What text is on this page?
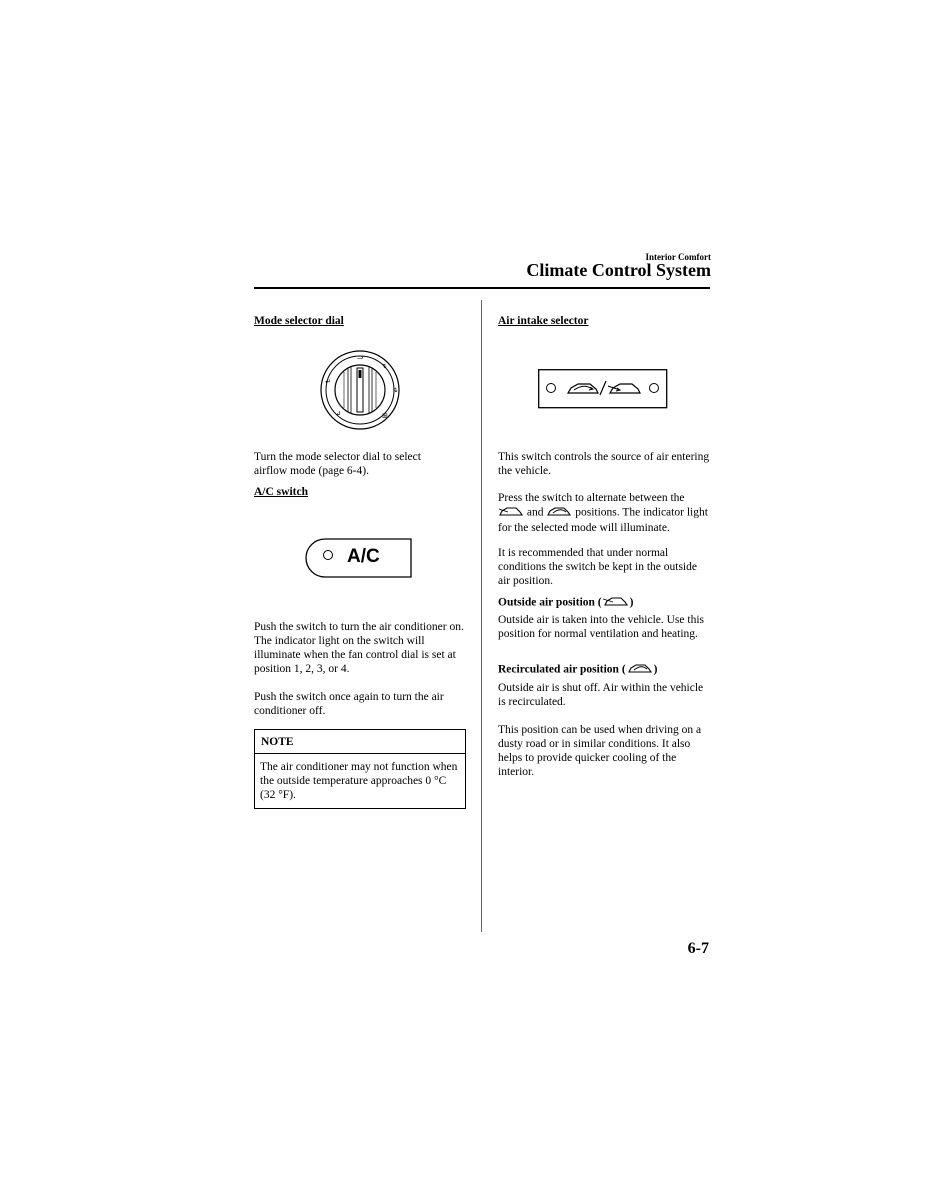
Interior Comfort
Climate Control System
Mode selector dial
ᓗ
↴
↴
⊞
↵
↲

Turn the mode selector dial to select

airflow mode (page 6-4).

A/C switch
A/C

Push the switch to turn the air conditioner on. The indicator light on the switch will illuminate when the fan control dial is set at position 1, 2, 3, or 4.

Push the switch once again to turn the air conditioner off.

NOTE
The air conditioner may not function when the outside temperature approaches 0 °C (32 °F).
Air intake selector

This switch controls the source of air entering the vehicle.

Press the switch to alternate between the  and	positions. The indicator light for the selected mode will illuminate.

It is recommended that under normal conditions the switch be kept in the outside air position.

Outside air position ( )

Outside air is taken into the vehicle. Use this position for normal ventilation and heating.

Recirculated air position ( )

Outside air is shut off. Air within the vehicle is recirculated.

This position can be used when driving on a dusty road or in similar conditions. It also helps to provide quicker cooling of the interior.

6-7
